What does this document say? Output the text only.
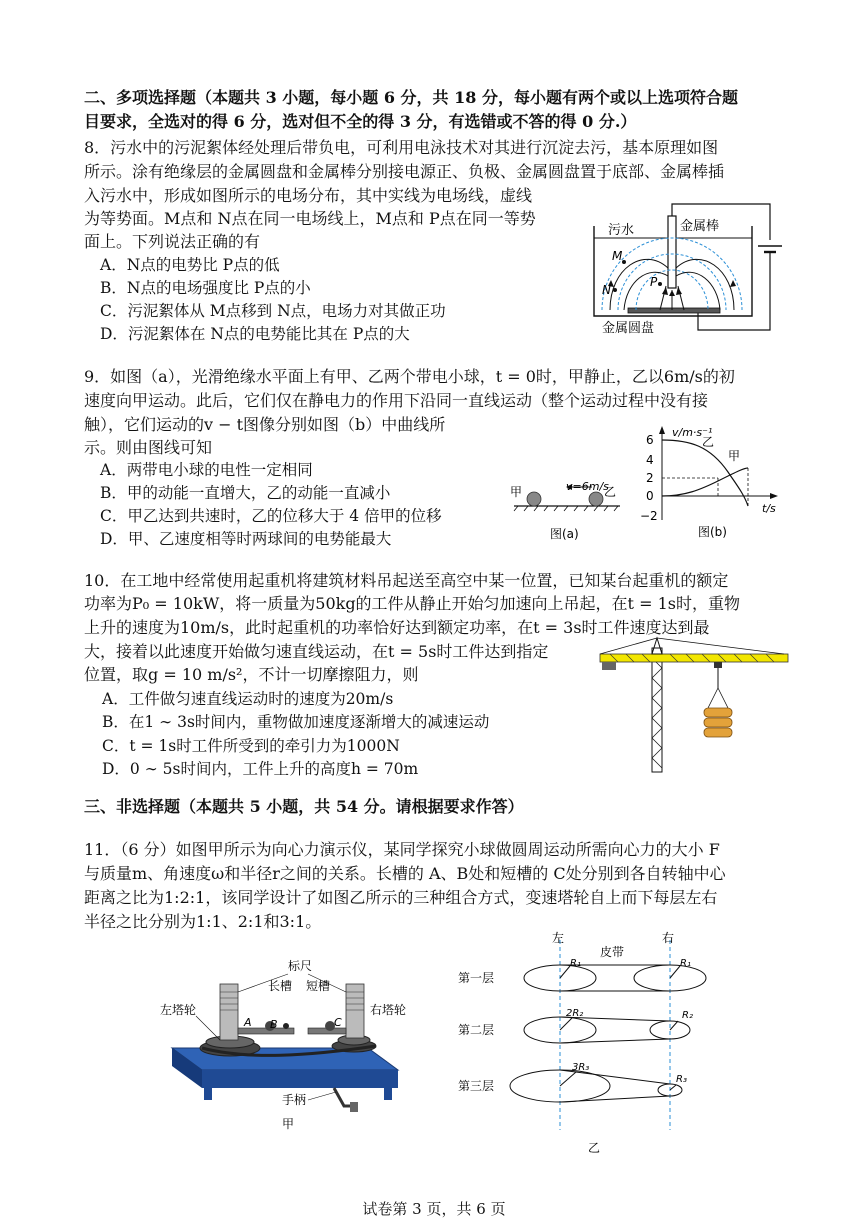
二、多项选择题（本题共 3 小题，每小题 6 分，共 18 分，每小题有两个或以上选项符合题
目要求，全选对的得 6 分，选对但不全的得 3 分，有选错或不答的得 0 分.）
8．污水中的污泥絮体经处理后带负电，可利用电泳技术对其进行沉淀去污，基本原理如图
所示。涂有绝缘层的金属圆盘和金属棒分别接电源正、负极、金属圆盘置于底部、金属棒插
入污水中，形成如图所示的电场分布，其中实线为电场线，虚线
为等势面。M点和 N点在同一电场线上，M点和 P点在同一等势
面上。下列说法正确的有
A．N点的电势比 P点的低
B．N点的电场强度比 P点的小
C．污泥絮体从 M点移到 N点，电场力对其做正功
D．污泥絮体在 N点的电势能比其在 P点的大
污水	金属棒
金属圆盘
M
N
P
9．如图（a），光滑绝缘水平面上有甲、乙两个带电小球，t = 0时，甲静止，乙以6m/s的初
速度向甲运动。此后，它们仅在静电力的作用下沿同一直线运动（整个运动过程中没有接
触），它们运动的v − t图像分别如图（b）中曲线所
示。则由图线可知
A．两带电小球的电性一定相同
B．甲的动能一直增大，乙的动能一直减小
C．甲乙达到共速时，乙的位移大于 4 倍甲的位移
D．甲、乙速度相等时两球间的电势能最大
甲	乙
v=6m/s
图(a)
v/m·s⁻¹
6
4
2
0
−2
乙
甲
t/s
图(b)
10．在工地中经常使用起重机将建筑材料吊起送至高空中某一位置，已知某台起重机的额定
功率为P₀ = 10kW，将一质量为50kg的工件从静止开始匀加速向上吊起，在t = 1s时，重物
上升的速度为10m/s，此时起重机的功率恰好达到额定功率，在t = 3s时工件速度达到最
大，接着以此速度开始做匀速直线运动，在t = 5s时工件达到指定
位置，取g = 10 m/s²，不计一切摩擦阻力，则
A．工件做匀速直线运动时的速度为20m/s
B．在1 ∼ 3s时间内，重物做加速度逐渐增大的减速运动
C．t = 1s时工件所受到的牵引力为1000N
D．0 ∼ 5s时间内，工件上升的高度h = 70m
三、非选择题（本题共 5 小题，共 54 分。请根据要求作答）
11．（6 分）如图甲所示为向心力演示仪，某同学探究小球做圆周运动所需向心力的大小 F
与质量m、角速度ω和半径r之间的关系。长槽的 A、B处和短槽的 C处分别到各自转轴中心
距离之比为1:2:1，该同学设计了如图乙所示的三种组合方式，变速塔轮自上而下每层左右
半径之比分别为1:1、2:1和3:1。
标尺
长槽 短槽
左塔轮	右塔轮
A B	C
手柄
甲
左	右
皮带
第一层
R₁	R₁
第二层
2R₂	R₂
第三层
3R₃
R₃
乙
试卷第 3 页，共 6 页
